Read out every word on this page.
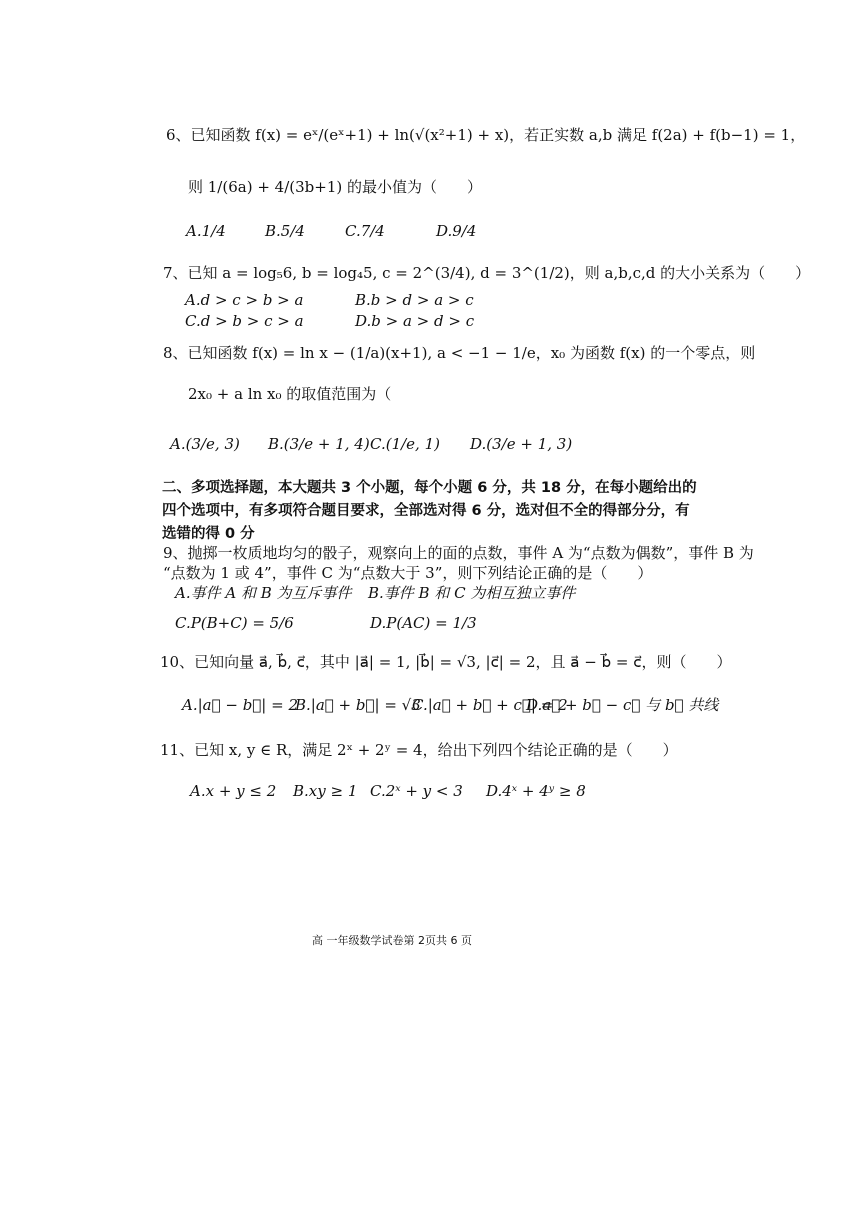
6、已知函数 f(x) = eˣ/(eˣ+1) + ln(√(x²+1) + x)，若正实数 a,b 满足 f(2a) + f(b−1) = 1，
则 1/(6a) + 4/(3b+1) 的最小值为（　　）
A.1/4	B.5/4	C.7/4	D.9/4
7、已知 a = log₅6, b = log₄5, c = 2^(3/4), d = 3^(1/2)，则 a,b,c,d 的大小关系为（　　）
A.d > c > b > a	B.b > d > a > c
C.d > b > c > a	D.b > a > d > c
8、已知函数 f(x) = ln x − (1/a)(x+1), a < −1 − 1/e，x₀ 为函数 f(x) 的一个零点，则
2x₀ + a ln x₀ 的取值范围为（
A.(3/e, 3) B.(3/e + 1, 4) C.(1/e, 1) D.(3/e + 1, 3)
二、多项选择题，本大题共 3 个小题，每个小题 6 分，共 18 分，在每小题给出的四个选项中，有多项符合题目要求，全部选对得 6 分，选对但不全的得部分分，有选错的得 0 分
9、抛掷一枚质地均匀的骰子，观察向上的面的点数，事件 A 为“点数为偶数”，事件 B 为
“点数为 1 或 4”，事件 C 为“点数大于 3”，则下列结论正确的是（　　）
A.事件 A 和 B 为互斥事件 B.事件 B 和 C 为相互独立事件
C.P(B+C) = 5/6	D.P(AC) = 1/3
10、已知向量 a⃗, b⃗, c⃗，其中 |a⃗| = 1, |b⃗| = √3, |c⃗| = 2，且 a⃗ − b⃗ = c⃗，则（　　）
A.|a⃗ − b⃗| = 2
B.|a⃗ + b⃗| = √3
C.|a⃗ + b⃗ + c⃗| = 2
D.a⃗ + b⃗ − c⃗ 与 b⃗ 共线
11、已知 x, y ∈ R，满足 2ˣ + 2ʸ = 4，给出下列四个结论正确的是（　　）
A.x + y ≤ 2 B.xy ≥ 1 C.2ˣ + y < 3 D.4ˣ + 4ʸ ≥ 8
高 一年级数学试卷第 2页共 6 页
